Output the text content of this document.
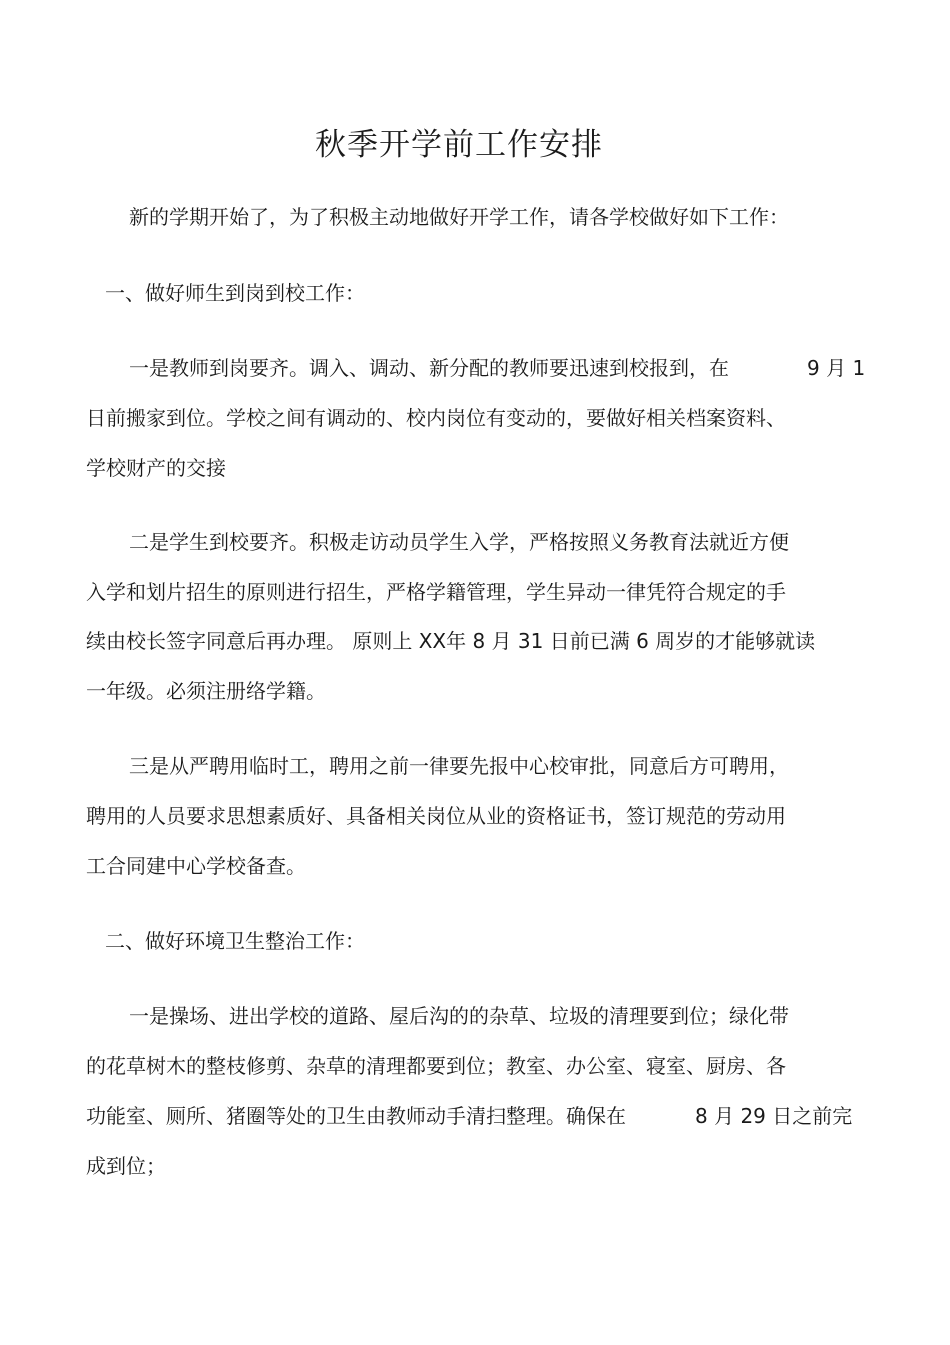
秋季开学前工作安排
新的学期开始了，为了积极主动地做好开学工作，请各学校做好如下工作：
一、做好师生到岗到校工作：
一是教师到岗要齐。调入、调动、新分配的教师要迅速到校报到，在	9 月 1
日前搬家到位。学校之间有调动的、校内岗位有变动的，要做好相关档案资料、
学校财产的交接
二是学生到校要齐。积极走访动员学生入学，严格按照义务教育法就近方便
入学和划片招生的原则进行招生，严格学籍管理，学生异动一律凭符合规定的手
续由校长签字同意后再办理。 原则上 XX年 8 月 31 日前已满 6 周岁的才能够就读
一年级。必须注册络学籍。
三是从严聘用临时工，聘用之前一律要先报中心校审批，同意后方可聘用，
聘用的人员要求思想素质好、具备相关岗位从业的资格证书，签订规范的劳动用
工合同建中心学校备查。
二、做好环境卫生整治工作：
一是操场、进出学校的道路、屋后沟的的杂草、垃圾的清理要到位；绿化带
的花草树木的整枝修剪、杂草的清理都要到位；教室、办公室、寝室、厨房、各
功能室、厕所、猪圈等处的卫生由教师动手清扫整理。确保在	8 月 29 日之前完
成到位；
